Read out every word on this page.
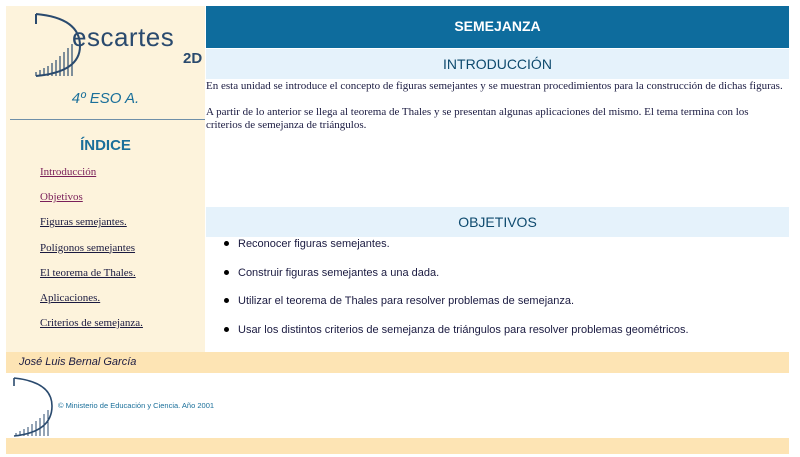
escartes
2D
4º ESO A.
ÍNDICE
Introducción
Objetivos
Figuras semejantes.
Polígonos semejantes
El teorema de Thales.
Aplicaciones.
Criterios de semejanza.
SEMEJANZA
INTRODUCCIÓN
En esta unidad se introduce el concepto de figuras semejantes y se muestran procedimientos para la construcción de dichas figuras.
A partir de lo anterior se llega al teorema de Thales y se presentan algunas aplicaciones del mismo. El tema termina con los criterios de semejanza de triángulos.
OBJETIVOS
Reconocer figuras semejantes.
Construir figuras semejantes a una dada.
Utilizar el teorema de Thales para resolver problemas de semejanza.
Usar los distintos criterios de semejanza de triángulos para resolver problemas geométricos.
José Luis Bernal García
© Ministerio de Educación y Ciencia. Año 2001
